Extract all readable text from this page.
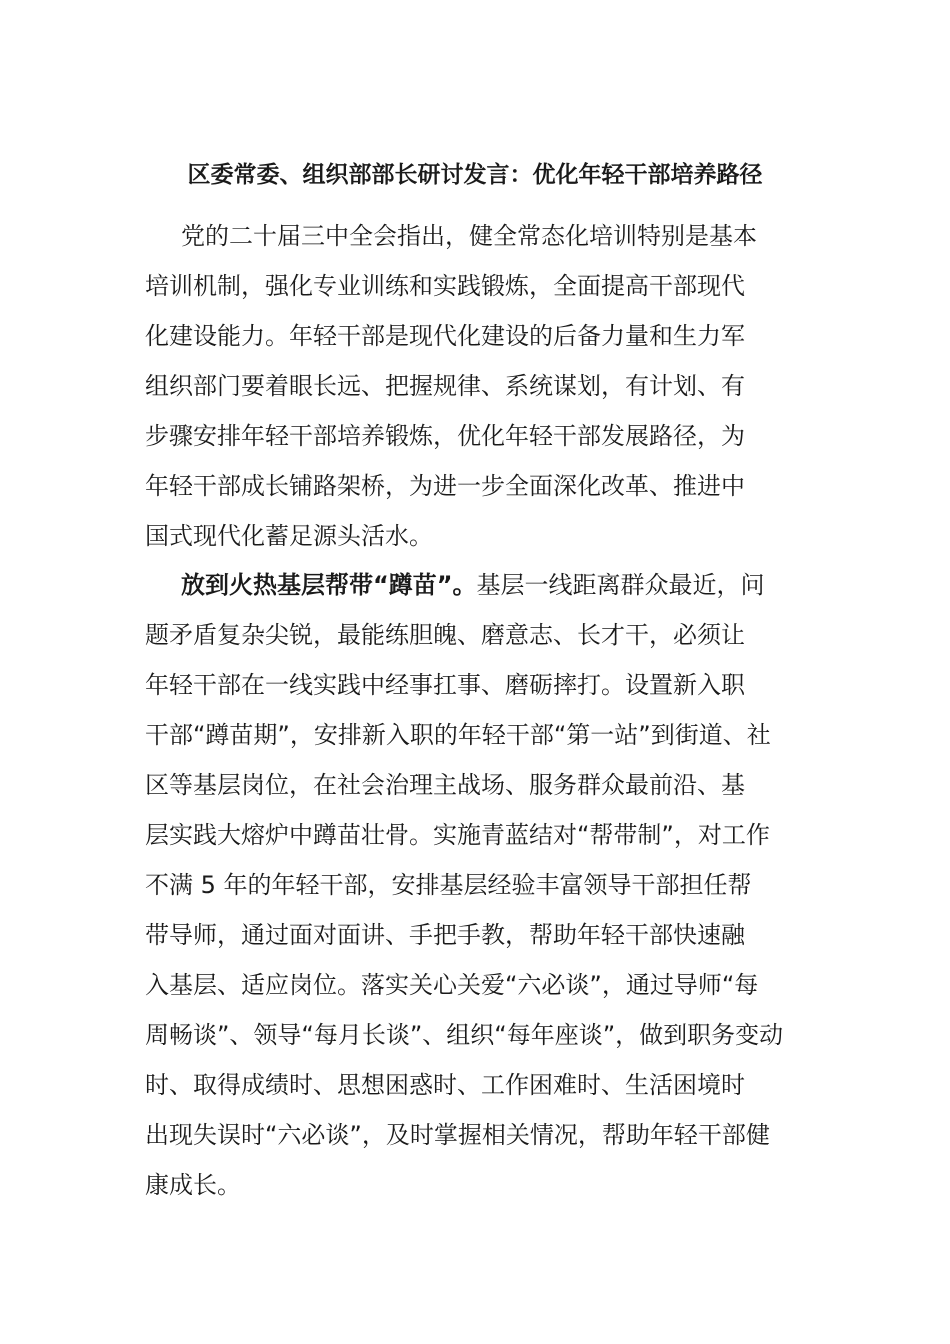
区委常委、组织部部长研讨发言：优化年轻干部培养路径
党的二十届三中全会指出，健全常态化培训特别是基本
培训机制，强化专业训练和实践锻炼，全面提高干部现代
化建设能力。年轻干部是现代化建设的后备力量和生力军
组织部门要着眼长远、把握规律、系统谋划，有计划、有
步骤安排年轻干部培养锻炼，优化年轻干部发展路径，为
年轻干部成长铺路架桥，为进一步全面深化改革、推进中
国式现代化蓄足源头活水。
放到火热基层帮带“蹲苗”。基层一线距离群众最近，问
题矛盾复杂尖锐，最能练胆魄、磨意志、长才干，必须让
年轻干部在一线实践中经事扛事、磨砺摔打。设置新入职
干部“蹲苗期”，安排新入职的年轻干部“第一站”到街道、社
区等基层岗位，在社会治理主战场、服务群众最前沿、基
层实践大熔炉中蹲苗壮骨。实施青蓝结对“帮带制”，对工作
不满 5 年的年轻干部，安排基层经验丰富领导干部担任帮
带导师，通过面对面讲、手把手教，帮助年轻干部快速融
入基层、适应岗位。落实关心关爱“六必谈”，通过导师“每
周畅谈”、领导“每月长谈”、组织“每年座谈”，做到职务变动
时、取得成绩时、思想困惑时、工作困难时、生活困境时
出现失误时“六必谈”，及时掌握相关情况，帮助年轻干部健
康成长。
